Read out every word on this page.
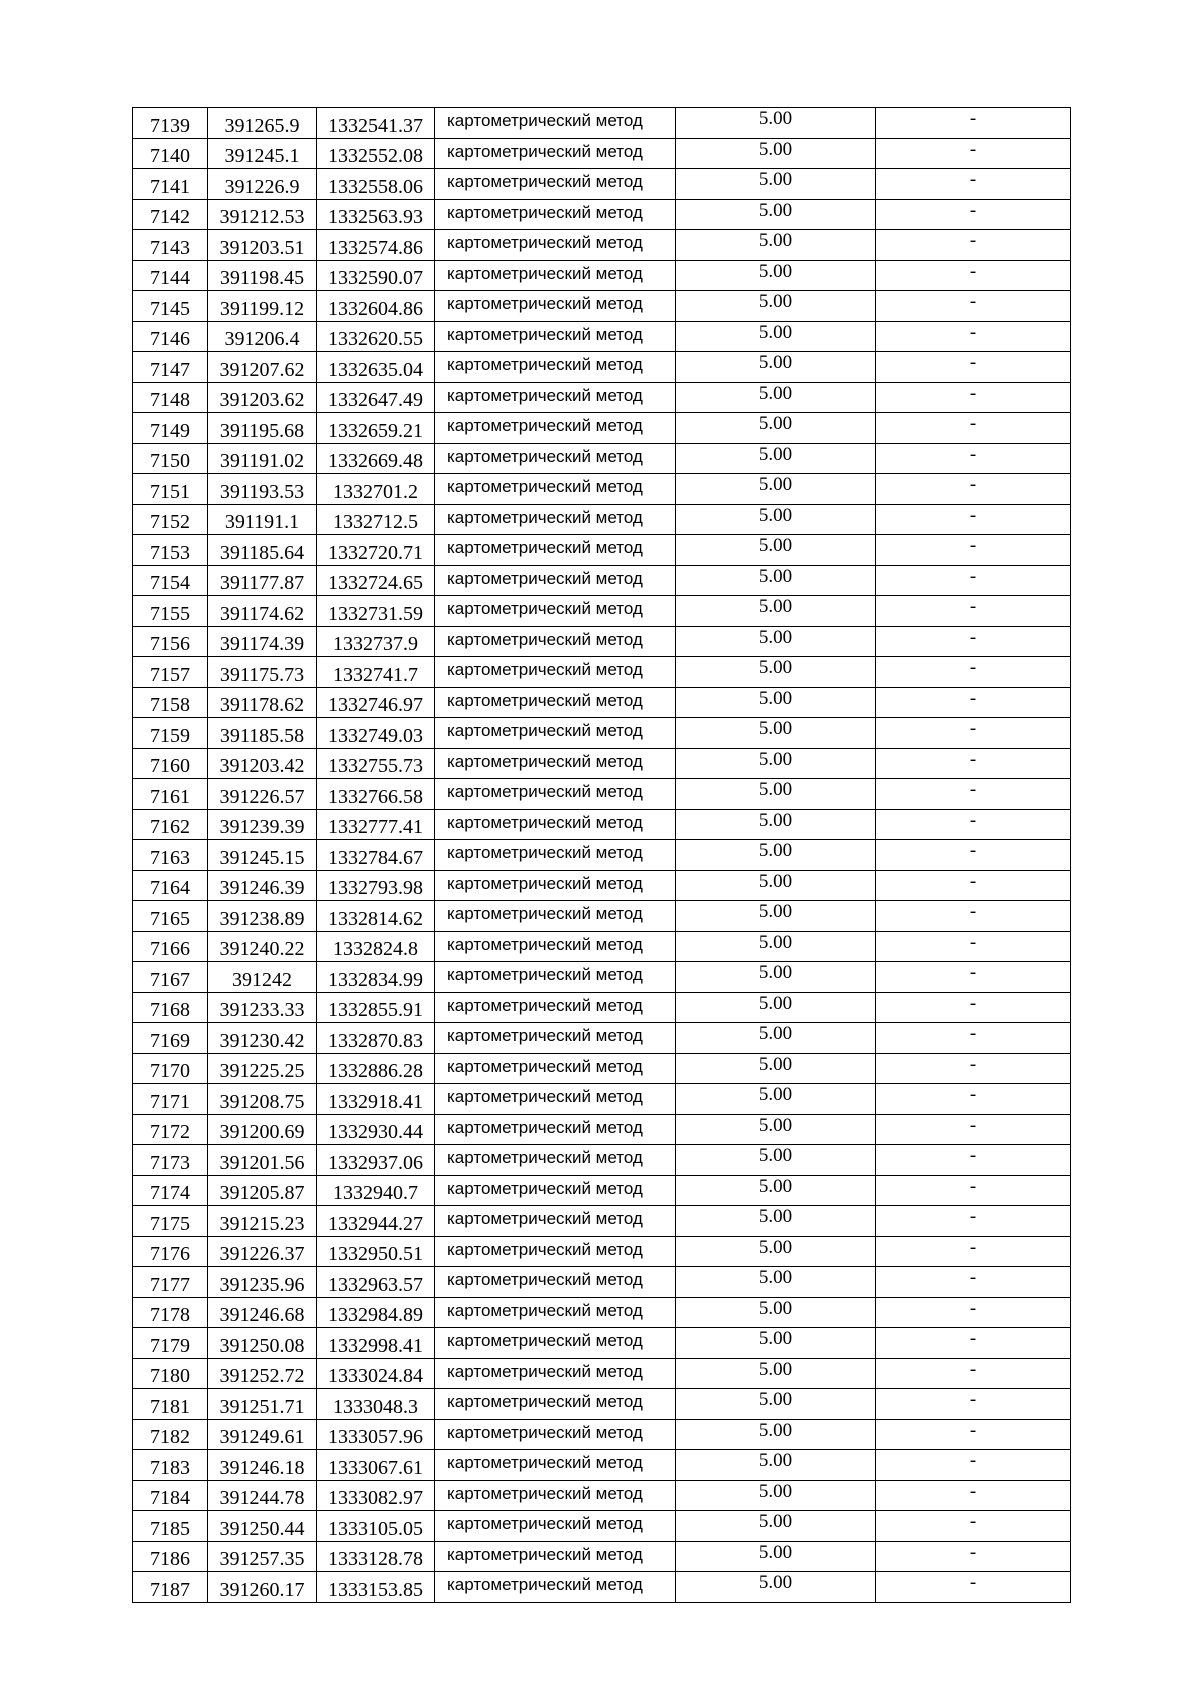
7139	391265.9	1332541.37	картометрический метод	5.00	-
7140	391245.1	1332552.08	картометрический метод	5.00	-
7141	391226.9	1332558.06	картометрический метод	5.00	-
7142	391212.53	1332563.93	картометрический метод	5.00	-
7143	391203.51	1332574.86	картометрический метод	5.00	-
7144	391198.45	1332590.07	картометрический метод	5.00	-
7145	391199.12	1332604.86	картометрический метод	5.00	-
7146	391206.4	1332620.55	картометрический метод	5.00	-
7147	391207.62	1332635.04	картометрический метод	5.00	-
7148	391203.62	1332647.49	картометрический метод	5.00	-
7149	391195.68	1332659.21	картометрический метод	5.00	-
7150	391191.02	1332669.48	картометрический метод	5.00	-
7151	391193.53	1332701.2	картометрический метод	5.00	-
7152	391191.1	1332712.5	картометрический метод	5.00	-
7153	391185.64	1332720.71	картометрический метод	5.00	-
7154	391177.87	1332724.65	картометрический метод	5.00	-
7155	391174.62	1332731.59	картометрический метод	5.00	-
7156	391174.39	1332737.9	картометрический метод	5.00	-
7157	391175.73	1332741.7	картометрический метод	5.00	-
7158	391178.62	1332746.97	картометрический метод	5.00	-
7159	391185.58	1332749.03	картометрический метод	5.00	-
7160	391203.42	1332755.73	картометрический метод	5.00	-
7161	391226.57	1332766.58	картометрический метод	5.00	-
7162	391239.39	1332777.41	картометрический метод	5.00	-
7163	391245.15	1332784.67	картометрический метод	5.00	-
7164	391246.39	1332793.98	картометрический метод	5.00	-
7165	391238.89	1332814.62	картометрический метод	5.00	-
7166	391240.22	1332824.8	картометрический метод	5.00	-
7167	391242	1332834.99	картометрический метод	5.00	-
7168	391233.33	1332855.91	картометрический метод	5.00	-
7169	391230.42	1332870.83	картометрический метод	5.00	-
7170	391225.25	1332886.28	картометрический метод	5.00	-
7171	391208.75	1332918.41	картометрический метод	5.00	-
7172	391200.69	1332930.44	картометрический метод	5.00	-
7173	391201.56	1332937.06	картометрический метод	5.00	-
7174	391205.87	1332940.7	картометрический метод	5.00	-
7175	391215.23	1332944.27	картометрический метод	5.00	-
7176	391226.37	1332950.51	картометрический метод	5.00	-
7177	391235.96	1332963.57	картометрический метод	5.00	-
7178	391246.68	1332984.89	картометрический метод	5.00	-
7179	391250.08	1332998.41	картометрический метод	5.00	-
7180	391252.72	1333024.84	картометрический метод	5.00	-
7181	391251.71	1333048.3	картометрический метод	5.00	-
7182	391249.61	1333057.96	картометрический метод	5.00	-
7183	391246.18	1333067.61	картометрический метод	5.00	-
7184	391244.78	1333082.97	картометрический метод	5.00	-
7185	391250.44	1333105.05	картометрический метод	5.00	-
7186	391257.35	1333128.78	картометрический метод	5.00	-
7187	391260.17	1333153.85	картометрический метод	5.00	-
